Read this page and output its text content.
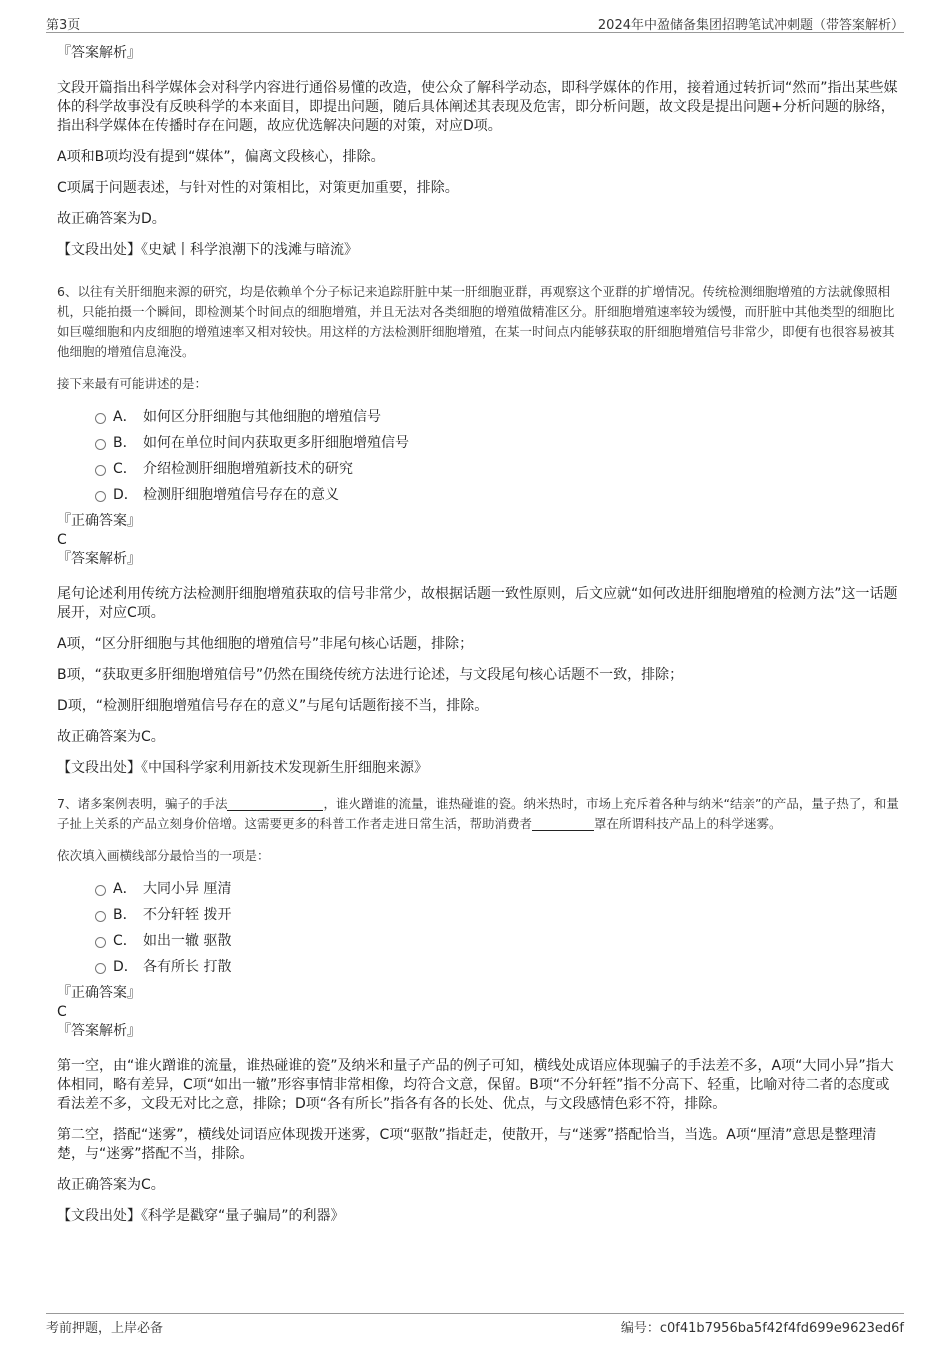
第3页	2024年中盈储备集团招聘笔试冲刺题（带答案解析）

『答案解析』

文段开篇指出科学媒体会对科学内容进行通俗易懂的改造，使公众了解科学动态，即科学媒体的作用，接着通过转折词“然而”指出某些媒体的科学故事没有反映科学的本来面目，即提出问题，随后具体阐述其表现及危害，即分析问题，故文段是提出问题+分析问题的脉络，指出科学媒体在传播时存在问题，故应优选解决问题的对策，对应D项。

A项和B项均没有提到“媒体”，偏离文段核心，排除。

C项属于问题表述，与针对性的对策相比，对策更加重要，排除。

故正确答案为D。

【文段出处】《史斌丨科学浪潮下的浅滩与暗流》

6、以往有关肝细胞来源的研究，均是依赖单个分子标记来追踪肝脏中某一肝细胞亚群，再观察这个亚群的扩增情况。传统检测细胞增殖的方法就像照相机，只能拍摄一个瞬间，即检测某个时间点的细胞增殖，并且无法对各类细胞的增殖做精准区分。肝细胞增殖速率较为缓慢，而肝脏中其他类型的细胞比如巨噬细胞和内皮细胞的增殖速率又相对较快。用这样的方法检测肝细胞增殖，在某一时间点内能够获取的肝细胞增殖信号非常少，即便有也很容易被其他细胞的增殖信息淹没。

接下来最有可能讲述的是：

A． 如何区分肝细胞与其他细胞的增殖信号
B． 如何在单位时间内获取更多肝细胞增殖信号
C． 介绍检测肝细胞增殖新技术的研究
D． 检测肝细胞增殖信号存在的意义

『正确答案』

C

『答案解析』

尾句论述利用传统方法检测肝细胞增殖获取的信号非常少，故根据话题一致性原则，后文应就“如何改进肝细胞增殖的检测方法”这一话题展开，对应C项。

A项，“区分肝细胞与其他细胞的增殖信号”非尾句核心话题，排除；

B项，“获取更多肝细胞增殖信号”仍然在围绕传统方法进行论述，与文段尾句核心话题不一致，排除；

D项，“检测肝细胞增殖信号存在的意义”与尾句话题衔接不当，排除。

故正确答案为C。

【文段出处】《中国科学家利用新技术发现新生肝细胞来源》

7、诸多案例表明，骗子的手法	，谁火蹭谁的流量，谁热碰谁的瓷。纳米热时，市场上充斥着各种与纳米“结亲”的产品，量子热了，和量子扯上关系的产品立刻身价倍增。这需要更多的科普工作者走进日常生活，帮助消费者	罩在所谓科技产品上的科学迷雾。

依次填入画横线部分最恰当的一项是：

A． 大同小异 厘清
B． 不分轩轾 拨开
C． 如出一辙 驱散
D． 各有所长 打散

『正确答案』

C

『答案解析』

第一空，由“谁火蹭谁的流量，谁热碰谁的瓷”及纳米和量子产品的例子可知，横线处成语应体现骗子的手法差不多，A项“大同小异”指大体相同，略有差异，C项“如出一辙”形容事情非常相像，均符合文意，保留。B项“不分轩轾”指不分高下、轻重，比喻对待二者的态度或看法差不多，文段无对比之意，排除；D项“各有所长”指各有各的长处、优点，与文段感情色彩不符，排除。

第二空，搭配“迷雾”，横线处词语应体现拨开迷雾，C项“驱散”指赶走，使散开，与“迷雾”搭配恰当，当选。A项“厘清”意思是整理清楚，与“迷雾”搭配不当，排除。

故正确答案为C。

【文段出处】《科学是戳穿“量子骗局”的利器》

考前押题，上岸必备	编号：c0f41b7956ba5f42f4fd699e9623ed6f
